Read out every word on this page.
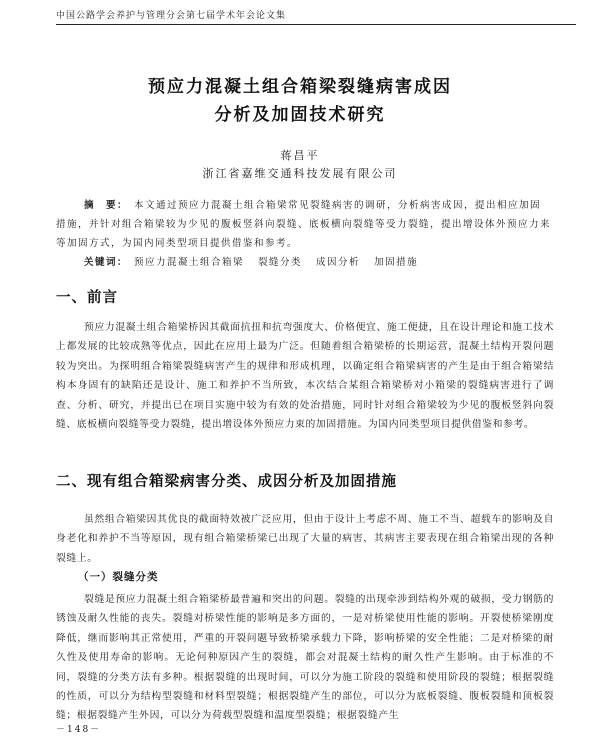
中国公路学会养护与管理分会第七届学术年会论文集
预应力混凝土组合箱梁裂缝病害成因
分析及加固技术研究
蒋昌平
浙江省嘉维交通科技发展有限公司
摘　要： 本文通过预应力混凝土组合箱梁常见裂缝病害的调研，分析病害成因，提出相应加固措施，并针对组合箱梁较为少见的腹板竖斜向裂缝、底板横向裂缝等受力裂缝，提出增设体外预应力来等加固方式，为国内同类型项目提供借鉴和参考。
关键词： 预应力混凝土组合箱梁 裂缝分类 成因分析 加固措施
一、前言
预应力混凝土组合箱梁桥因其截面抗扭和抗弯强度大、价格便宜、施工便捷，且在设计理论和施工技术上都发展的比较成熟等优点，因此在应用上最为广泛。但随着组合箱梁桥的长期运营，混凝土结构开裂问题较为突出。为探明组合箱梁裂缝病害产生的规律和形成机理，以确定组合箱梁病害的产生是由于组合箱梁结构本身固有的缺陷还是设计、施工和养护不当所致，本次结合某组合箱梁桥对小箱梁的裂缝病害进行了调查、分析、研究，并提出已在项目实施中较为有效的处治措施，同时针对组合箱梁较为少见的腹板竖斜向裂缝、底板横向裂缝等受力裂缝，提出增设体外预应力束的加固措施。为国内同类型项目提供借鉴和参考。
二、现有组合箱梁病害分类、成因分析及加固措施
虽然组合箱梁因其优良的截面特效被广泛应用，但由于设计上考虑不周、施工不当、超载车的影响及自身老化和养护不当等原因，现有组合箱梁桥梁已出现了大量的病害，其病害主要表现在组合箱梁出现的各种裂缝上。
（一）裂缝分类
裂缝是预应力混凝土组合箱梁桥最普遍和突出的问题。裂缝的出现牵涉到结构外观的破损，受力钢筋的锈蚀及耐久性能的丧失。裂缝对桥梁性能的影响是多方面的，一是对桥梁使用性能的影响。开裂使桥梁刚度降低，继而影响其正常使用，严重的开裂问题导致桥梁承载力下降，影响桥梁的安全性能；二是对桥梁的耐久性及使用寿命的影响。无论何种原因产生的裂缝，都会对混凝土结构的耐久性产生影响。由于标准的不同，裂缝的分类方法有多种。根据裂缝的出现时间，可以分为施工阶段的裂缝和使用阶段的裂缝；根据裂缝的性质，可以分为结构型裂缝和材料型裂缝；根据裂缝产生的部位，可以分为底板裂缝、腹板裂缝和顶板裂缝；根据裂缝产生外因，可以分为荷载型裂缝和温度型裂缝；根据裂缝产生
－148－
